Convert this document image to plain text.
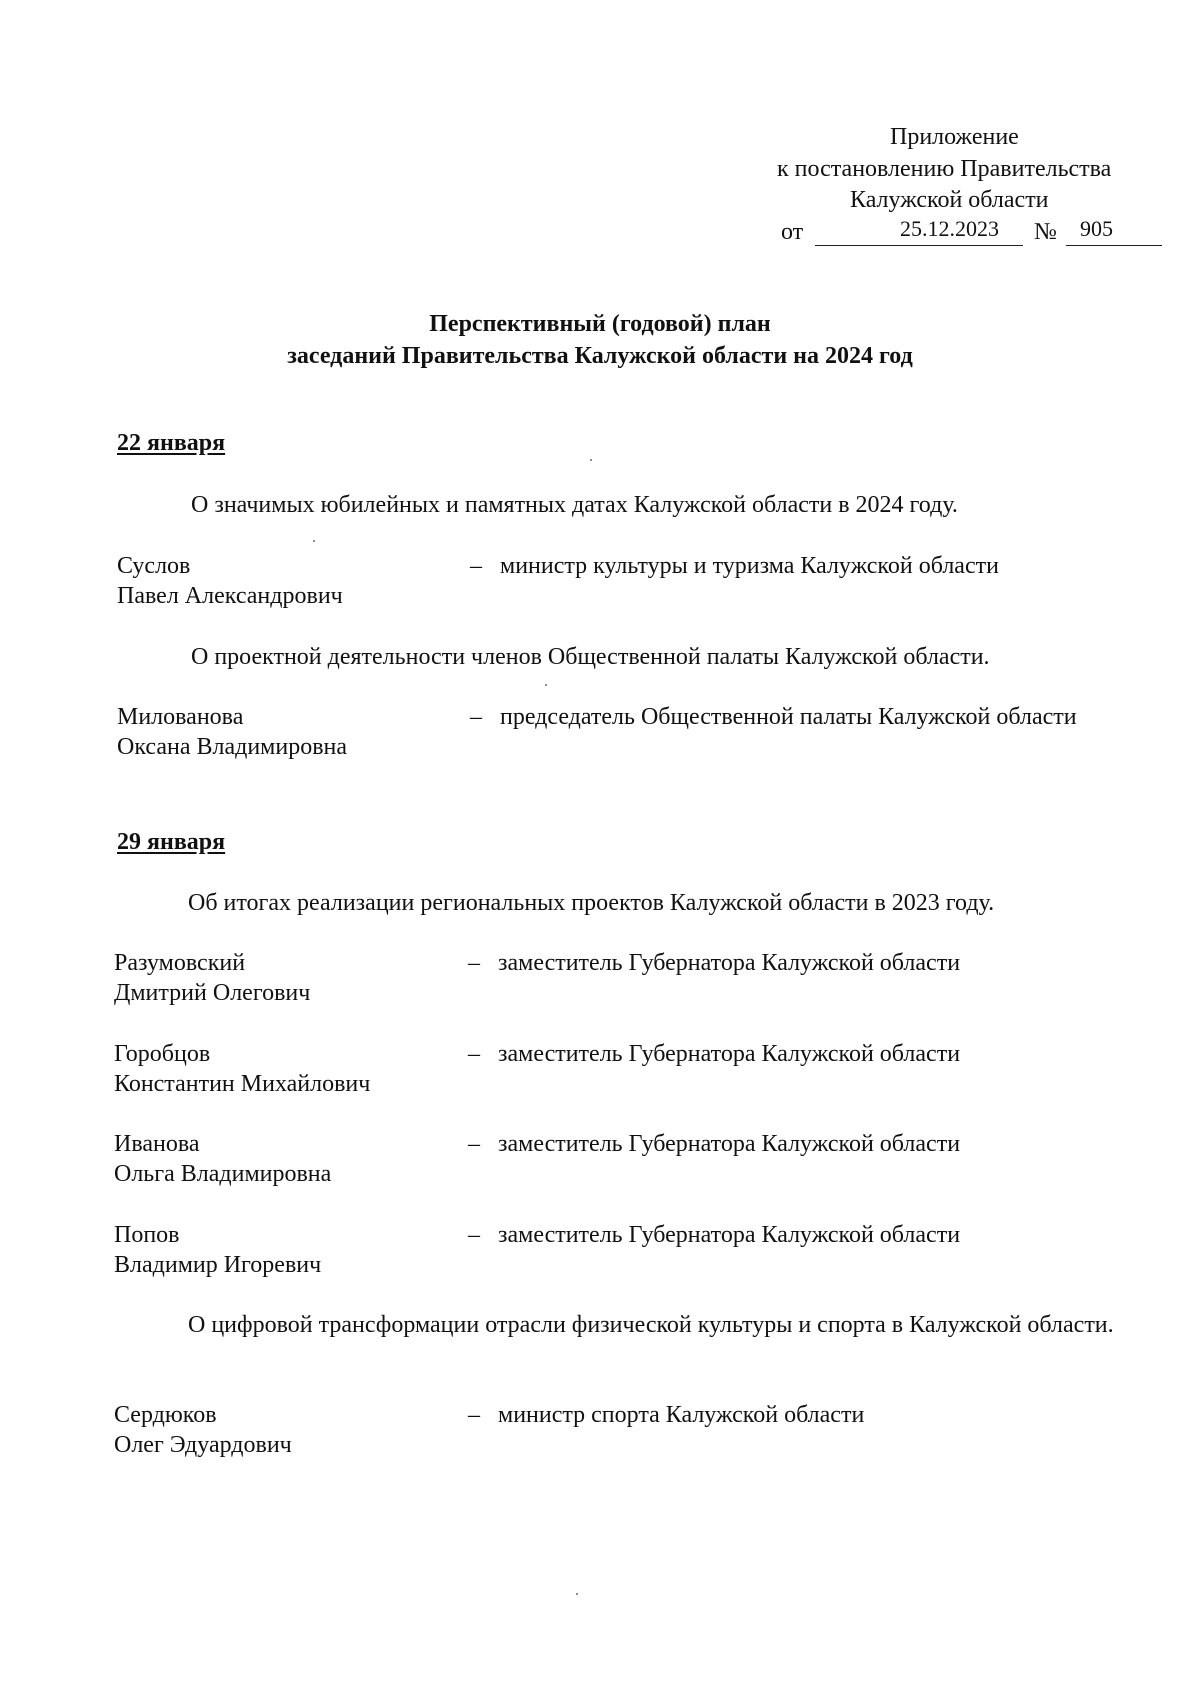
Приложение
к постановлению Правительства
Калужской области
от	25.12.2023 № 905
Перспективный (годовой) план
заседаний Правительства Калужской области на 2024 год
22 января
О значимых юбилейных и памятных датах Калужской области в 2024 году.
Суслов
Павел Александрович
– министр культуры и туризма Калужской области
О проектной деятельности членов Общественной палаты Калужской области.
Милованова
Оксана Владимировна
– председатель Общественной палаты Калужской области
29 января
Об итогах реализации региональных проектов Калужской области в 2023 году.
Разумовский
Дмитрий Олегович
– заместитель Губернатора Калужской области
Горобцов
Константин Михайлович
– заместитель Губернатора Калужской области
Иванова
Ольга Владимировна
– заместитель Губернатора Калужской области
Попов
Владимир Игоревич
– заместитель Губернатора Калужской области
О цифровой трансформации отрасли физической культуры и спорта в Калужской области.
Сердюков
Олег Эдуардович
– министр спорта Калужской области
